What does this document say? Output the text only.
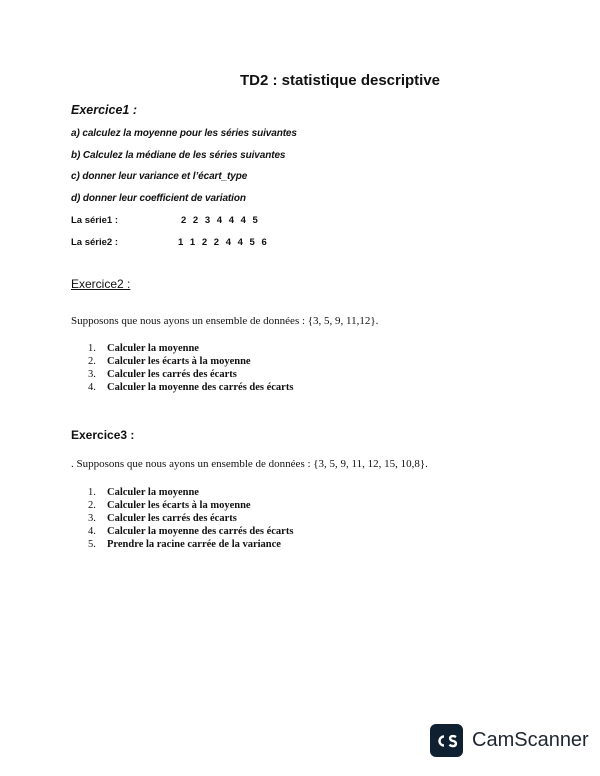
TD2 : statistique descriptive
Exercice1 :
a) calculez la moyenne pour les séries suivantes
b) Calculez la médiane de les séries suivantes
c) donner leur variance et l’écart_type
d) donner leur coefficient de variation
La série1 :	2 2 3 4 4 4 5
La série2 :	1 1 2 2 4 4 5 6
Exercice2 :
Supposons que nous ayons un ensemble de données : {3, 5, 9, 11,12}.
1. Calculer la moyenne
2. Calculer les écarts à la moyenne
3. Calculer les carrés des écarts
4. Calculer la moyenne des carrés des écarts
Exercice3 :
. Supposons que nous ayons un ensemble de données : {3, 5, 9, 11, 12, 15, 10,8}.
1. Calculer la moyenne
2. Calculer les écarts à la moyenne
3. Calculer les carrés des écarts
4. Calculer la moyenne des carrés des écarts
5. Prendre la racine carrée de la variance
CamScanner
